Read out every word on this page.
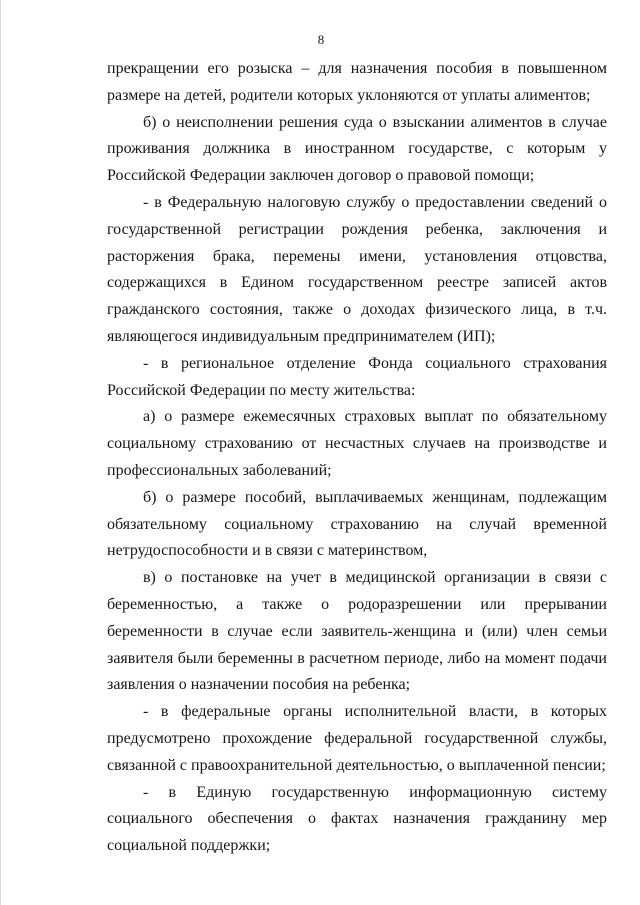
8

прекращении его розыска – для назначения пособия в повышенном размере на детей, родители которых уклоняются от уплаты алиментов;

б) о неисполнении решения суда о взыскании алиментов в случае проживания должника в иностранном государстве, с которым у Российской Федерации заключен договор о правовой помощи;

- в Федеральную налоговую службу о предоставлении сведений о государственной регистрации рождения ребенка, заключения и расторжения брака, перемены имени, установления отцовства, содержащихся в Едином государственном реестре записей актов гражданского состояния, также о доходах физического лица, в т.ч. являющегося индивидуальным предпринимателем (ИП);

- в региональное отделение Фонда социального страхования Российской Федерации по месту жительства:

а) о размере ежемесячных страховых выплат по обязательному социальному страхованию от несчастных случаев на производстве и профессиональных заболеваний;

б) о размере пособий, выплачиваемых женщинам, подлежащим обязательному социальному страхованию на случай временной нетрудоспособности и в связи с материнством,

в) о постановке на учет в медицинской организации в связи с беременностью, а также о родоразрешении или прерывании беременности в случае если заявитель-женщина и (или) член семьи заявителя были беременны в расчетном периоде, либо на момент подачи заявления о назначении пособия на ребенка;

- в федеральные органы исполнительной власти, в которых предусмотрено прохождение федеральной государственной службы, связанной с правоохранительной деятельностью, о выплаченной пенсии;

- в Единую государственную информационную систему социального обеспечения о фактах назначения гражданину мер социальной поддержки;
